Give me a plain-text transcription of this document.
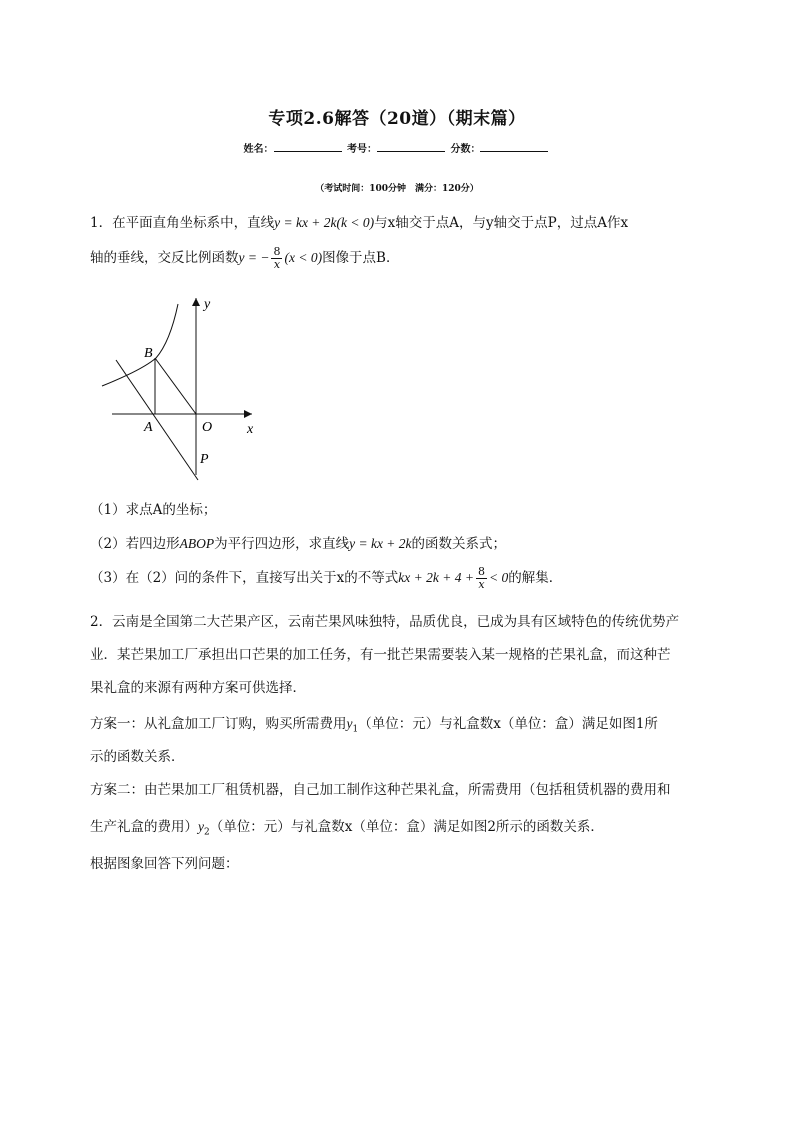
专项2.6解答（20道）（期末篇）
姓名：	考号：	分数：
（考试时间：100分钟　满分：120分）
1．在平面直角坐标系中，直线y = kx + 2k(k < 0)与x轴交于点A，与y轴交于点P，过点A作x
轴的垂线，交反比例函数y = − $\frac{8}{x} (x < 0)$图像于点B．
y
x
B
A	O
P
（1）求点A的坐标；
（2）若四边形ABOP为平行四边形，求直线y = kx + 2k的函数关系式；
（3）在（2）问的条件下，直接写出关于x的不等式kx + $2k + 4 + \frac{8}{x} < 0$的解集．
2．云南是全国第二大芒果产区，云南芒果风味独特，品质优良，已成为具有区域特色的传统优势产
业．某芒果加工厂承担出口芒果的加工任务，有一批芒果需要装入某一规格的芒果礼盒，而这种芒
果礼盒的来源有两种方案可供选择．
方案一：从礼盒加工厂订购，购买所需费用$y_1$（单位：元）与礼盒数x（单位：盒）满足如图1所
示的函数关系．
方案二：由芒果加工厂租赁机器，自己加工制作这种芒果礼盒，所需费用（包括租赁机器的费用和
生产礼盒的费用）$y_2$（单位：元）与礼盒数x（单位：盒）满足如图2所示的函数关系．
根据图象回答下列问题：
